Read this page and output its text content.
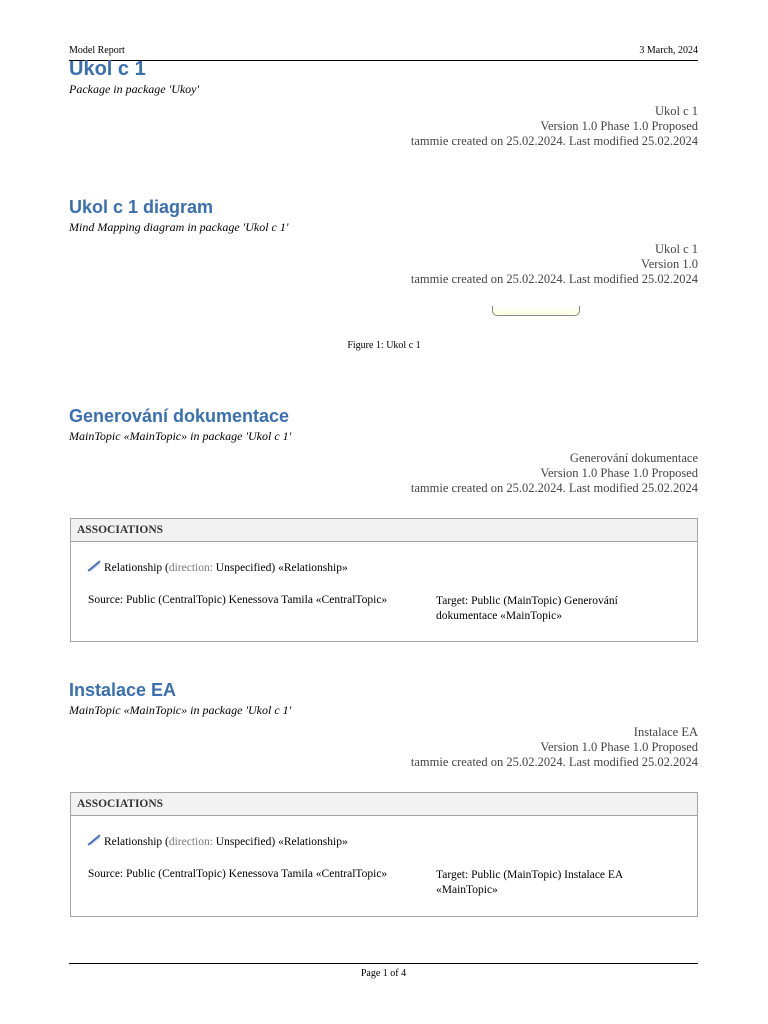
Model Report	3 March, 2024
Ukol c 1
Package in package 'Ukoy'
Ukol c 1
Version 1.0 Phase 1.0 Proposed
tammie created on 25.02.2024. Last modified 25.02.2024
Ukol c 1 diagram
Mind Mapping diagram in package 'Ukol c 1'
Ukol c 1
Version 1.0
tammie created on 25.02.2024. Last modified 25.02.2024
Figure 1: Ukol c 1
Generování dokumentace
MainTopic «MainTopic» in package 'Ukol c 1'
Generování dokumentace
Version 1.0 Phase 1.0 Proposed
tammie created on 25.02.2024. Last modified 25.02.2024
ASSOCIATIONS
Relationship (direction: Unspecified) «Relationship»
Source: Public (CentralTopic) Kenessova Tamila «CentralTopic»	Target: Public (MainTopic) Generování dokumentace «MainTopic»
Instalace EA
MainTopic «MainTopic» in package 'Ukol c 1'
Instalace EA
Version 1.0 Phase 1.0 Proposed
tammie created on 25.02.2024. Last modified 25.02.2024
ASSOCIATIONS
Relationship (direction: Unspecified) «Relationship»
Source: Public (CentralTopic) Kenessova Tamila «CentralTopic»	Target: Public (MainTopic) Instalace EA «MainTopic»
Page 1 of 4
